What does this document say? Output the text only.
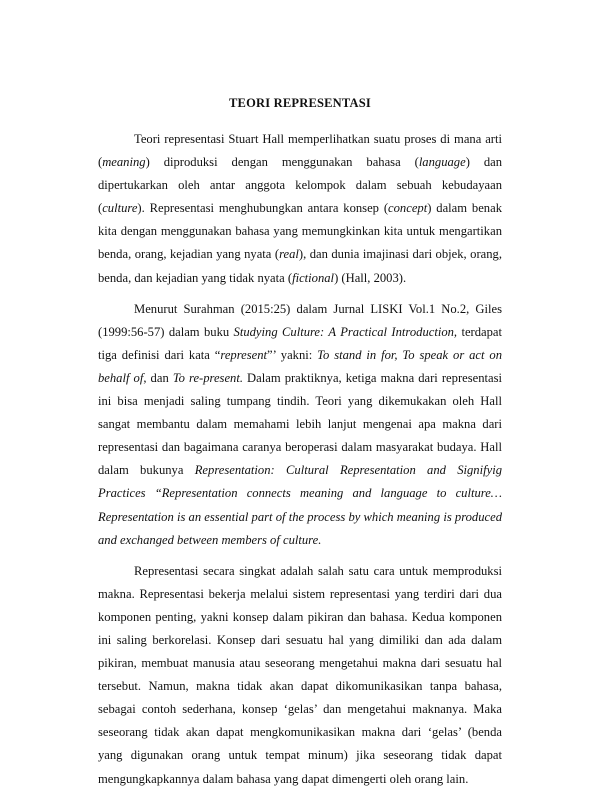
TEORI REPRESENTASI

Teori representasi Stuart Hall memperlihatkan suatu proses di mana arti (meaning) diproduksi dengan menggunakan bahasa (language) dan dipertukarkan oleh antar anggota kelompok dalam sebuah kebudayaan (culture). Representasi menghubungkan antara konsep (concept) dalam benak kita dengan menggunakan bahasa yang memungkinkan kita untuk mengartikan benda, orang, kejadian yang nyata (real), dan dunia imajinasi dari objek, orang, benda, dan kejadian yang tidak nyata (fictional) (Hall, 2003).

Menurut Surahman (2015:25) dalam Jurnal LISKI Vol.1 No.2, Giles (1999:56-57) dalam buku Studying Culture: A Practical Introduction, terdapat tiga definisi dari kata “represent”’ yakni: To stand in for, To speak or act on behalf of, dan To re-present. Dalam praktiknya, ketiga makna dari representasi ini bisa menjadi saling tumpang tindih. Teori yang dikemukakan oleh Hall sangat membantu dalam memahami lebih lanjut mengenai apa makna dari representasi dan bagaimana caranya beroperasi dalam masyarakat budaya. Hall dalam bukunya Representation: Cultural Representation and Signifyig Practices “Representation connects meaning and language to culture… Representation is an essential part of the process by which meaning is produced and exchanged between members of culture.

Representasi secara singkat adalah salah satu cara untuk memproduksi makna. Representasi bekerja melalui sistem representasi yang terdiri dari dua komponen penting, yakni konsep dalam pikiran dan bahasa. Kedua komponen ini saling berkorelasi. Konsep dari sesuatu hal yang dimiliki dan ada dalam pikiran, membuat manusia atau seseorang mengetahui makna dari sesuatu hal tersebut. Namun, makna tidak akan dapat dikomunikasikan tanpa bahasa, sebagai contoh sederhana, konsep ‘gelas’ dan mengetahui maknanya. Maka seseorang tidak akan dapat mengkomunikasikan makna dari ‘gelas’ (benda yang digunakan orang untuk tempat minum) jika seseorang tidak dapat mengungkapkannya dalam bahasa yang dapat dimengerti oleh orang lain.
